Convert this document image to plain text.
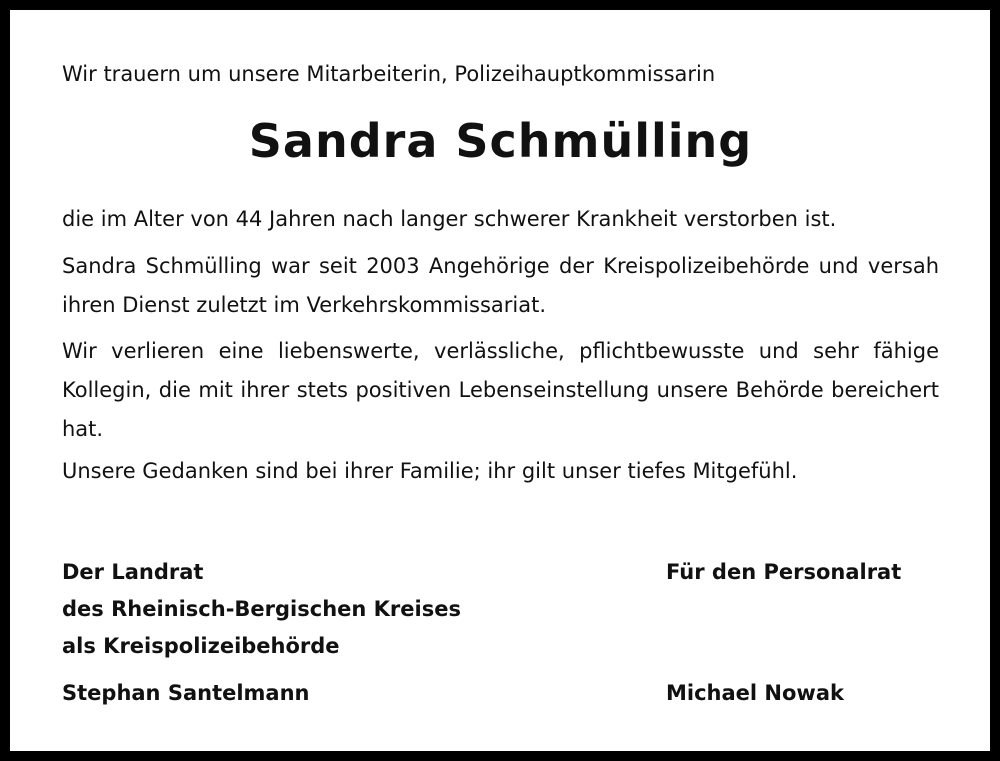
Wir trauern um unsere Mitarbeiterin, Polizeihauptkommissarin
Sandra Schmülling
die im Alter von 44 Jahren nach langer schwerer Krankheit verstorben ist.
Sandra Schmülling war seit 2003 Angehörige der Kreispolizeibehörde und versah ihren Dienst zuletzt im Verkehrskommissariat.
Wir verlieren eine liebenswerte, verlässliche, pflichtbewusste und sehr fähige Kollegin, die mit ihrer stets positiven Lebenseinstellung unsere Behörde bereichert hat.
Unsere Gedanken sind bei ihrer Familie; ihr gilt unser tiefes Mitgefühl.
Der Landrat
des Rheinisch-Bergischen Kreises
als Kreispolizeibehörde
Für den Personalrat
Stephan Santelmann	Michael Nowak
